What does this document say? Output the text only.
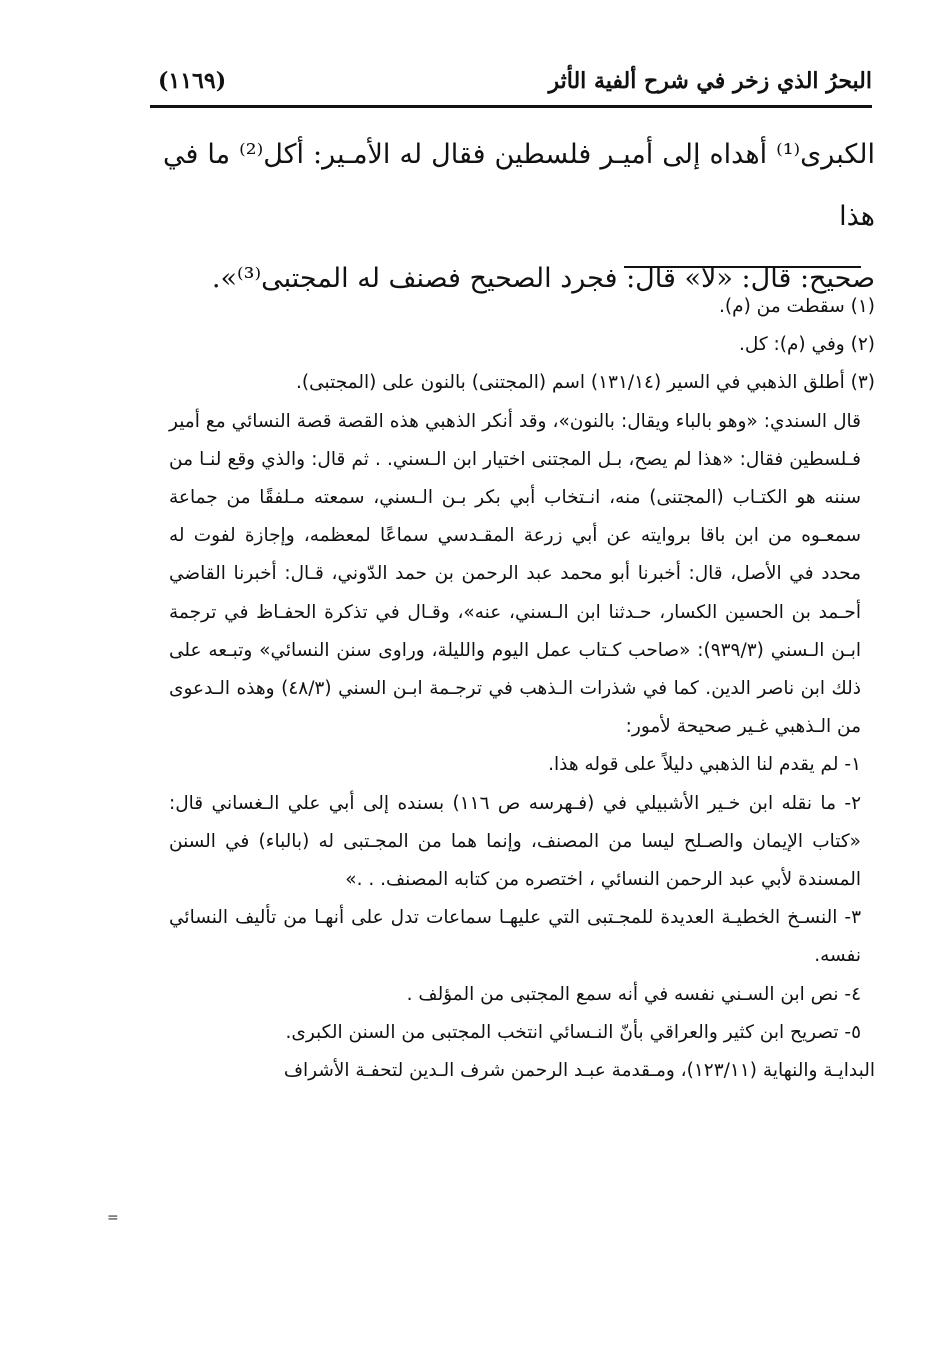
البحرُ الذي زخر في شرح ألفية الأثر
(١١٦٩)

الكبرى⁽¹⁾ أهداه إلى أميـر فلسطين فقال له الأمـير: أكل⁽²⁾ ما في هذا

صحيح: قال: «لا» قال: فجرد الصحيح فصنف له المجتبى⁽³⁾».

(١) سقطت من (م).

(٢) وفي (م): كل.

(٣) أطلق الذهبي في السير (١٣١/١٤) اسم (المجتنى) بالنون على (المجتبى).

قال السندي: «وهو بالباء ويقال: بالنون»، وقد أنكر الذهبي هذه القصة قصة النسائي مع أمير فـلسطين فقال: «هذا لم يصح، بـل المجتنى اختيار ابن الـسني. . ثم قال: والذي وقع لنـا من سننه هو الكتـاب (المجتنى) منه، انـتخاب أبي بكر بـن الـسني، سمعته مـلفقًا من جماعة سمعـوه من ابن باقا بروايته عن أبي زرعة المقـدسي سماعًا لمعظمه، وإجازة لفوت له محدد في الأصل، قال: أخبرنا أبو محمد عبد الرحمن بن حمد الدّوني، قـال: أخبرنا القاضي أحـمد بن الحسين الكسار، حـدثنا ابن الـسني، عنه»، وقـال في تذكرة الحفـاظ في ترجمة ابـن الـسني (٩٣٩/٣): «صاحب كـتاب عمل اليوم والليلة، وراوى سنن النسائي» وتبـعه على ذلك ابن ناصر الدين. كما في شذرات الـذهب في ترجـمة ابـن السني (٤٨/٣) وهذه الـدعوى من الـذهبي غـير صحيحة لأمور:

١- لم يقدم لنا الذهبي دليلاً على قوله هذا.

٢- ما نقله ابن خـير الأشبيلي في (فـهرسه ص ١١٦) بسنده إلى أبي علي الـغساني قال: «كتاب الإيمان والصـلح ليسا من المصنف، وإنما هما من المجـتبى له (بالباء) في السنن المسندة لأبي عبد الرحمن النسائي ، اختصره من كتابه المصنف. . .»

٣- النسـخ الخطيـة العديدة للمجـتبى التي عليهـا سماعات تدل على أنهـا من تأليف النسائي نفسه.

٤- نص ابن السـني نفسه في أنه سمع المجتبى من المؤلف .

٥- تصريح ابن كثير والعراقي بأنّ النـسائي انتخب المجتبى من السنن الكبرى.

البدايـة والنهاية (١٢٣/١١)، ومـقدمة عبـد الرحمن شرف الـدين لتحفـة الأشراف

=
